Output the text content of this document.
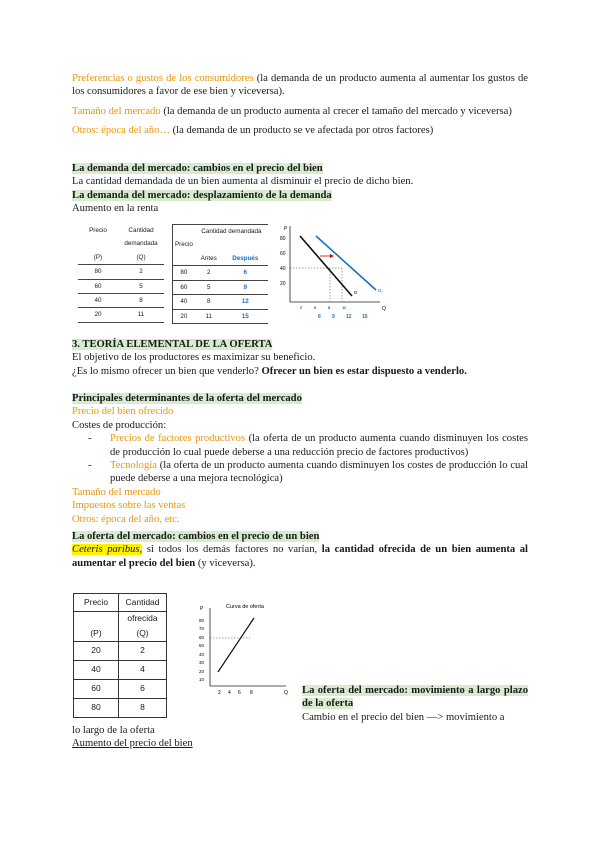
Preferencias o gustos de los consumidores (la demanda de un producto aumenta al aumentar los gustos de los consumidores a favor de ese bien y viceversa).

Tamaño del mercado (la demanda de un producto aumenta al crecer el tamaño del mercado y viceversa)

Otros: época del año… (la demanda de un producto se ve afectada por otros factores)

La demanda del mercado: cambios en el precio del bien
La cantidad demandada de un bien aumenta al disminuir el precio de dicho bien.
La demanda del mercado: desplazamiento de la demanda
Aumento en la renta
Precio	Cantidad
	demandada
(P)	(Q)
80	2
60	5
40	8
20	11
	Cantidad demandada	
Precio		
	Antes	Después
80	2	6
60	5	9
40	8	12
20	11	15
P
80
60
40
20
D	D₁
Q
2	5	8	11
6 9 12 15
3. TEORÍA ELEMENTAL DE LA OFERTA
El objetivo de los productores es maximizar su beneficio.
¿Es lo mismo ofrecer un bien que venderlo? Ofrecer un bien es estar dispuesto a venderlo.
Principales determinantes de la oferta del mercado
Precio del bien ofrecido
Costes de producción:
-	Precios de factores productivos (la oferta de un producto aumenta cuando disminuyen los costes de producción lo cual puede deberse a una reducción precio de factores productivos)

-	Tecnología (la oferta de un producto aumenta cuando disminuyen los costes de producción lo cual puede deberse a una mejora tecnológica)

Tamaño del mercado
Impuestos sobre las ventas
Otros: época del año, etc.
La oferta del mercado: cambios en el precio de un bien

Ceteris paribus, si todos los demás factores no varían, la cantidad ofrecida de un bien aumenta al aumentar el precio del bien (y viceversa).

Precio	Cantidad
	ofrecida
(P)	(Q)
20	2
40	4
60	6
80	8
Curva de oferta
P
80
70
60
50
40
30
20
10
2 4 6 8	Q La oferta del mercado: movimiento a largo plazo de la oferta

Cambio en el precio del bien —> movimiento a
lo largo de la oferta
Aumento del precio del bien
